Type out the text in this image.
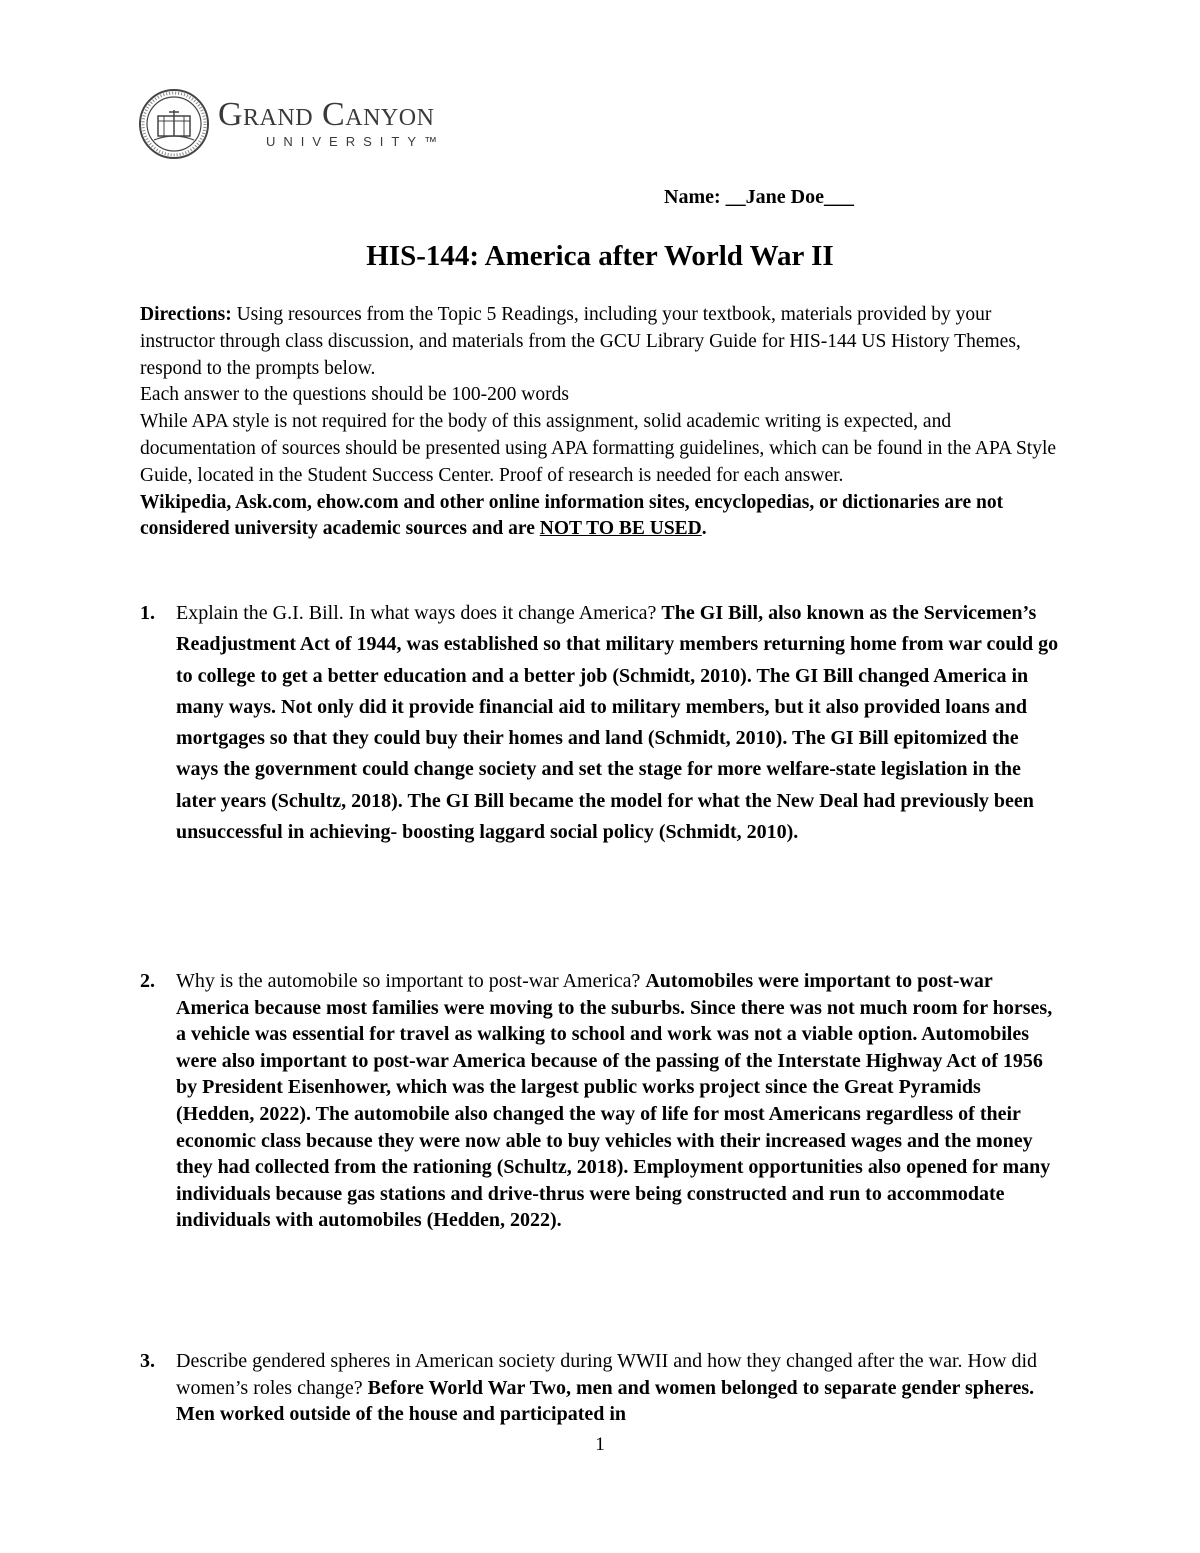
Grand Canyon
UNIVERSITY™
Name: __Jane Doe___
HIS-144: America after World War II

Directions: Using resources from the Topic 5 Readings, including your textbook, materials provided by your instructor through class discussion, and materials from the GCU Library Guide for HIS-144 US History Themes, respond to the prompts below.

Each answer to the questions should be 100-200 words

While APA style is not required for the body of this assignment, solid academic writing is expected, and documentation of sources should be presented using APA formatting guidelines, which can be found in the APA Style Guide, located in the Student Success Center. Proof of research is needed for each answer.

Wikipedia, Ask.com, ehow.com and other online information sites, encyclopedias, or dictionaries are not considered university academic sources and are NOT TO BE USED.

1. Explain the G.I. Bill. In what ways does it change America? The GI Bill, also known as the Servicemen’s Readjustment Act of 1944, was established so that military members returning home from war could go to college to get a better education and a better job (Schmidt, 2010). The GI Bill changed America in many ways. Not only did it provide financial aid to military members, but it also provided loans and mortgages so that they could buy their homes and land (Schmidt, 2010). The GI Bill epitomized the ways the government could change society and set the stage for more welfare-state legislation in the later years (Schultz, 2018). The GI Bill became the model for what the New Deal had previously been unsuccessful in achieving- boosting laggard social policy (Schmidt, 2010).
2. Why is the automobile so important to post-war America? Automobiles were important to post-war America because most families were moving to the suburbs. Since there was not much room for horses, a vehicle was essential for travel as walking to school and work was not a viable option. Automobiles were also important to post-war America because of the passing of the Interstate Highway Act of 1956 by President Eisenhower, which was the largest public works project since the Great Pyramids (Hedden, 2022). The automobile also changed the way of life for most Americans regardless of their economic class because they were now able to buy vehicles with their increased wages and the money they had collected from the rationing (Schultz, 2018). Employment opportunities also opened for many individuals because gas stations and drive-thrus were being constructed and run to accommodate individuals with automobiles (Hedden, 2022).
3. Describe gendered spheres in American society during WWII and how they changed after the war. How did women’s roles change? Before World War Two, men and women belonged to separate gender spheres. Men worked outside of the house and participated in
1
